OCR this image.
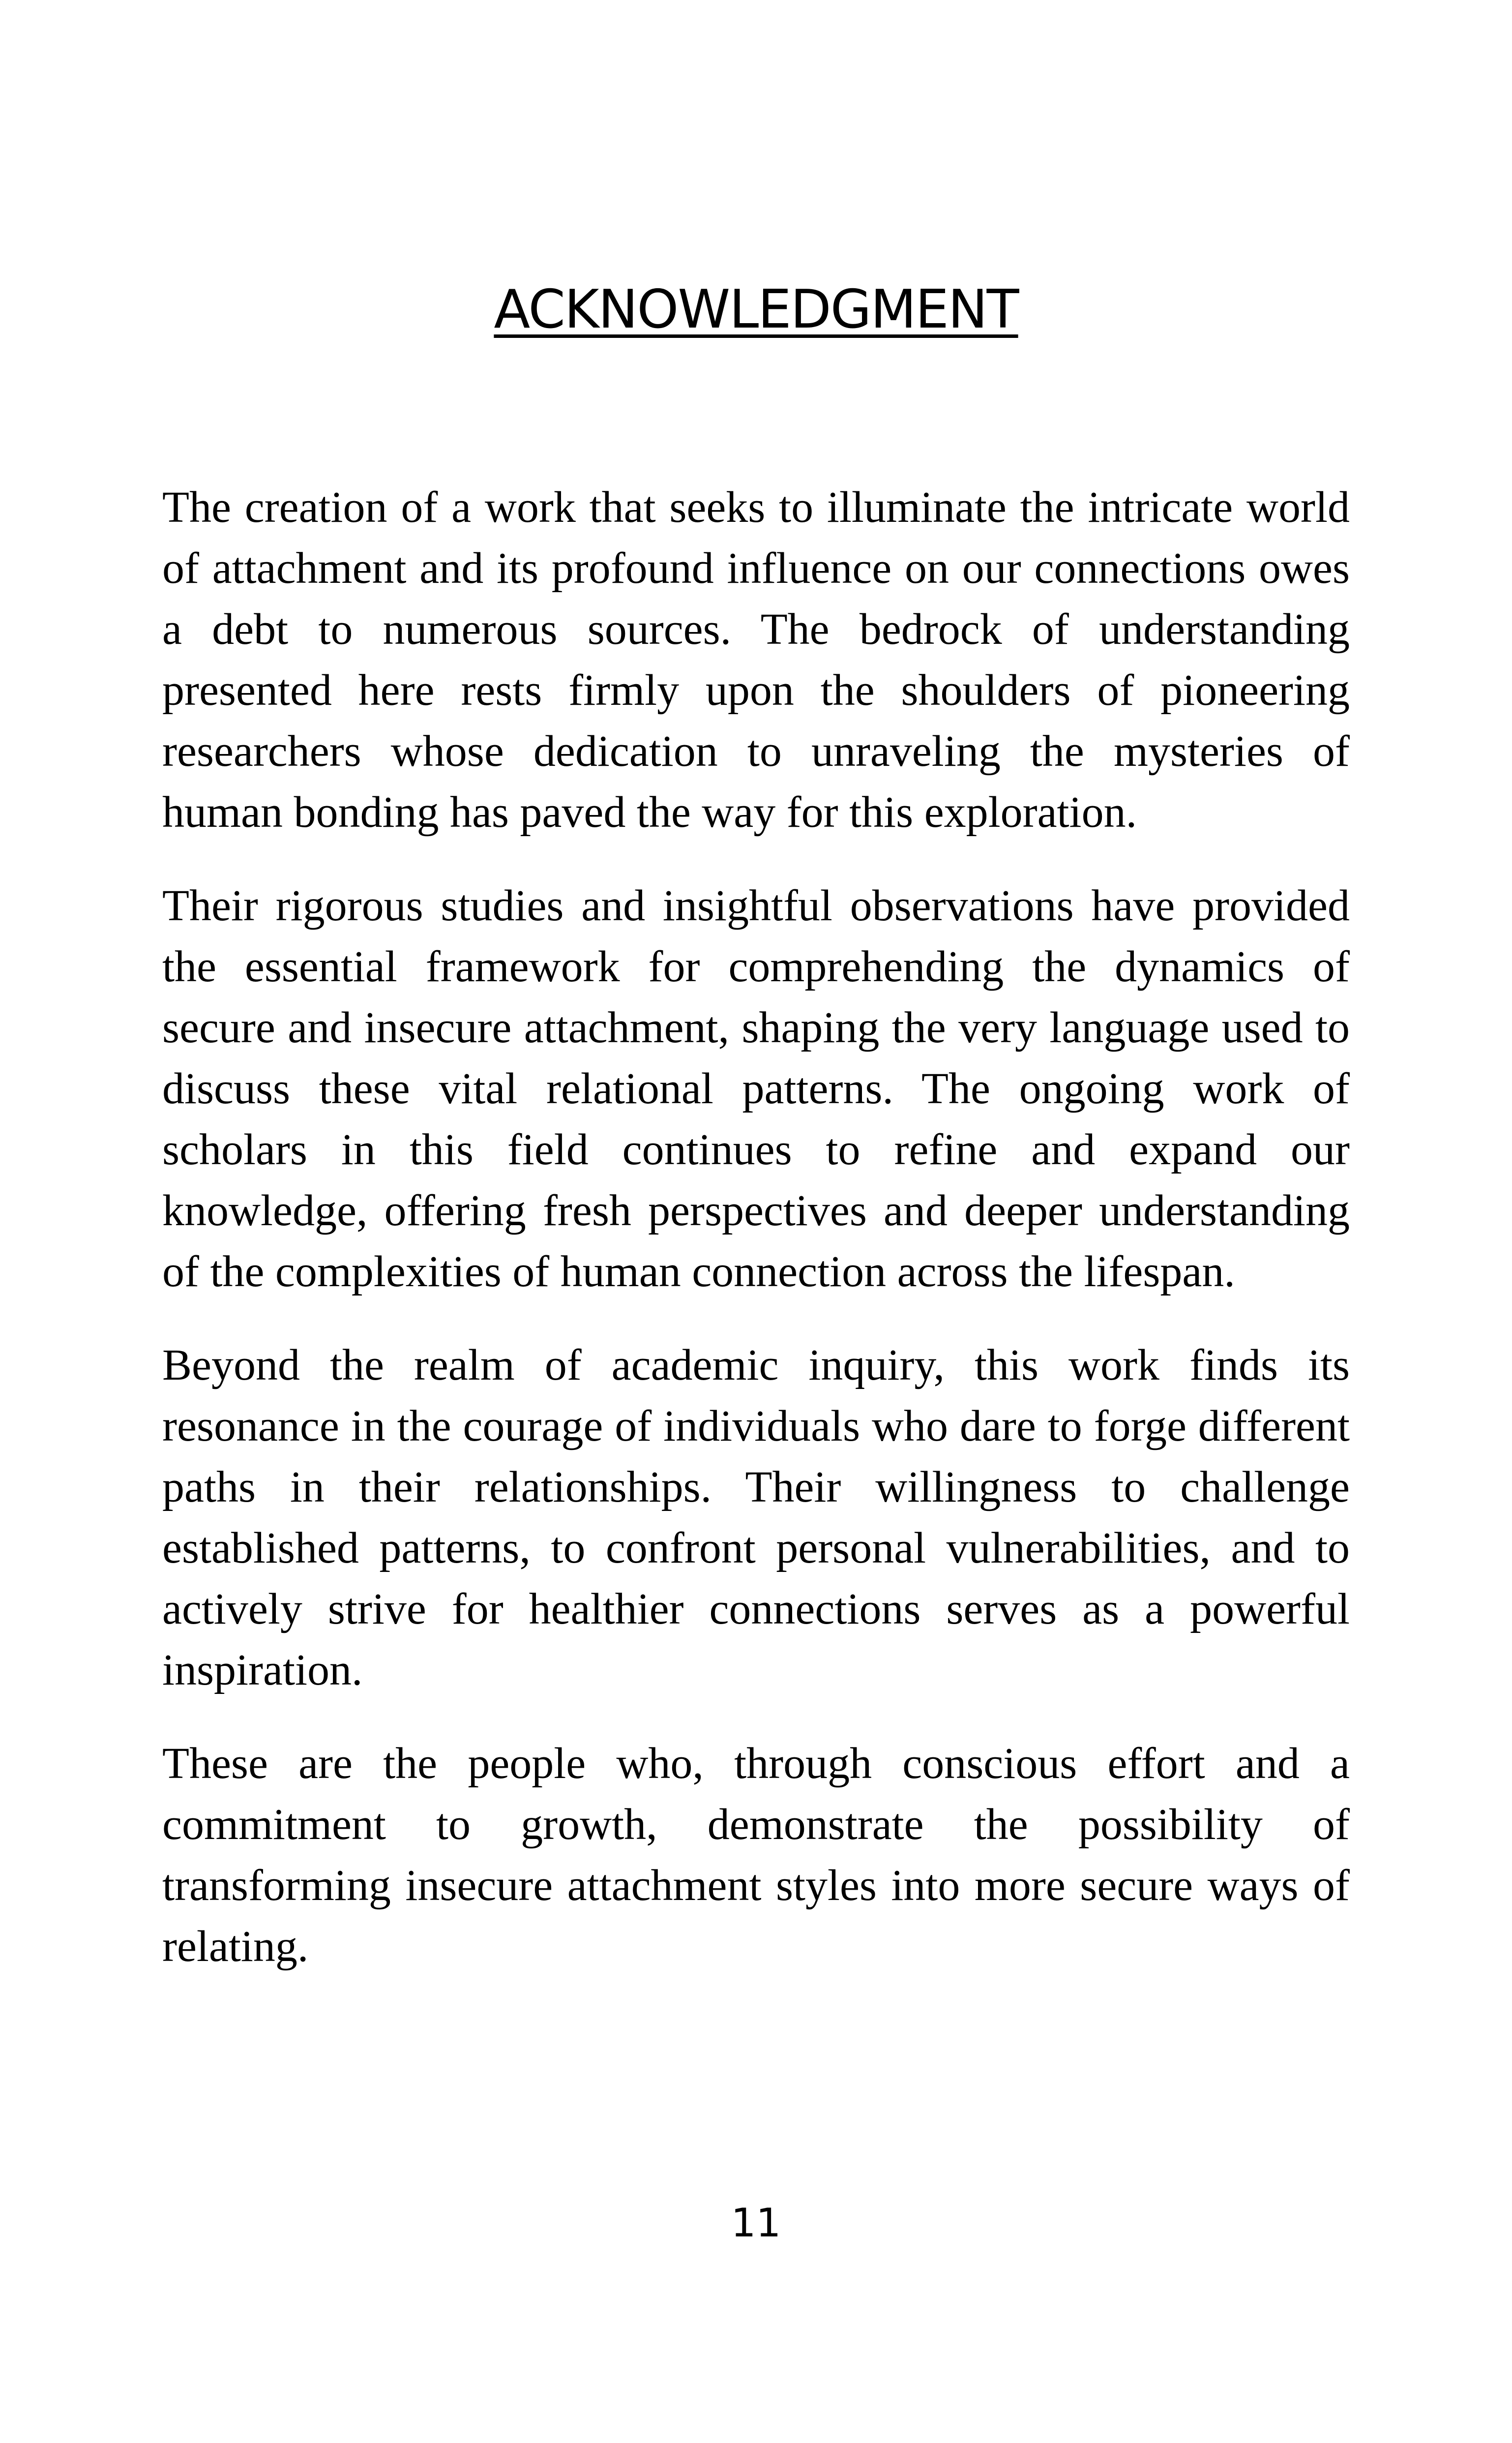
ACKNOWLEDGMENT

The creation of a work that seeks to illuminate the intricate world of attachment and its profound influence on our connections owes a debt to numerous sources. The bedrock of understanding presented here rests firmly upon the shoulders of pioneering researchers whose dedication to unraveling the mysteries of human bonding has paved the way for this exploration.

Their rigorous studies and insightful observations have provided the essential framework for comprehending the dynamics of secure and insecure attachment, shaping the very language used to discuss these vital relational patterns. The ongoing work of scholars in this field continues to refine and expand our knowledge, offering fresh perspectives and deeper understanding of the complexities of human connection across the lifespan.

Beyond the realm of academic inquiry, this work finds its resonance in the courage of individuals who dare to forge different paths in their relationships. Their willingness to challenge established patterns, to confront personal vulnerabilities, and to actively strive for healthier connections serves as a powerful inspiration.

These are the people who, through conscious effort and a commitment to growth, demonstrate the possibility of transforming insecure attachment styles into more secure ways of relating.

11
